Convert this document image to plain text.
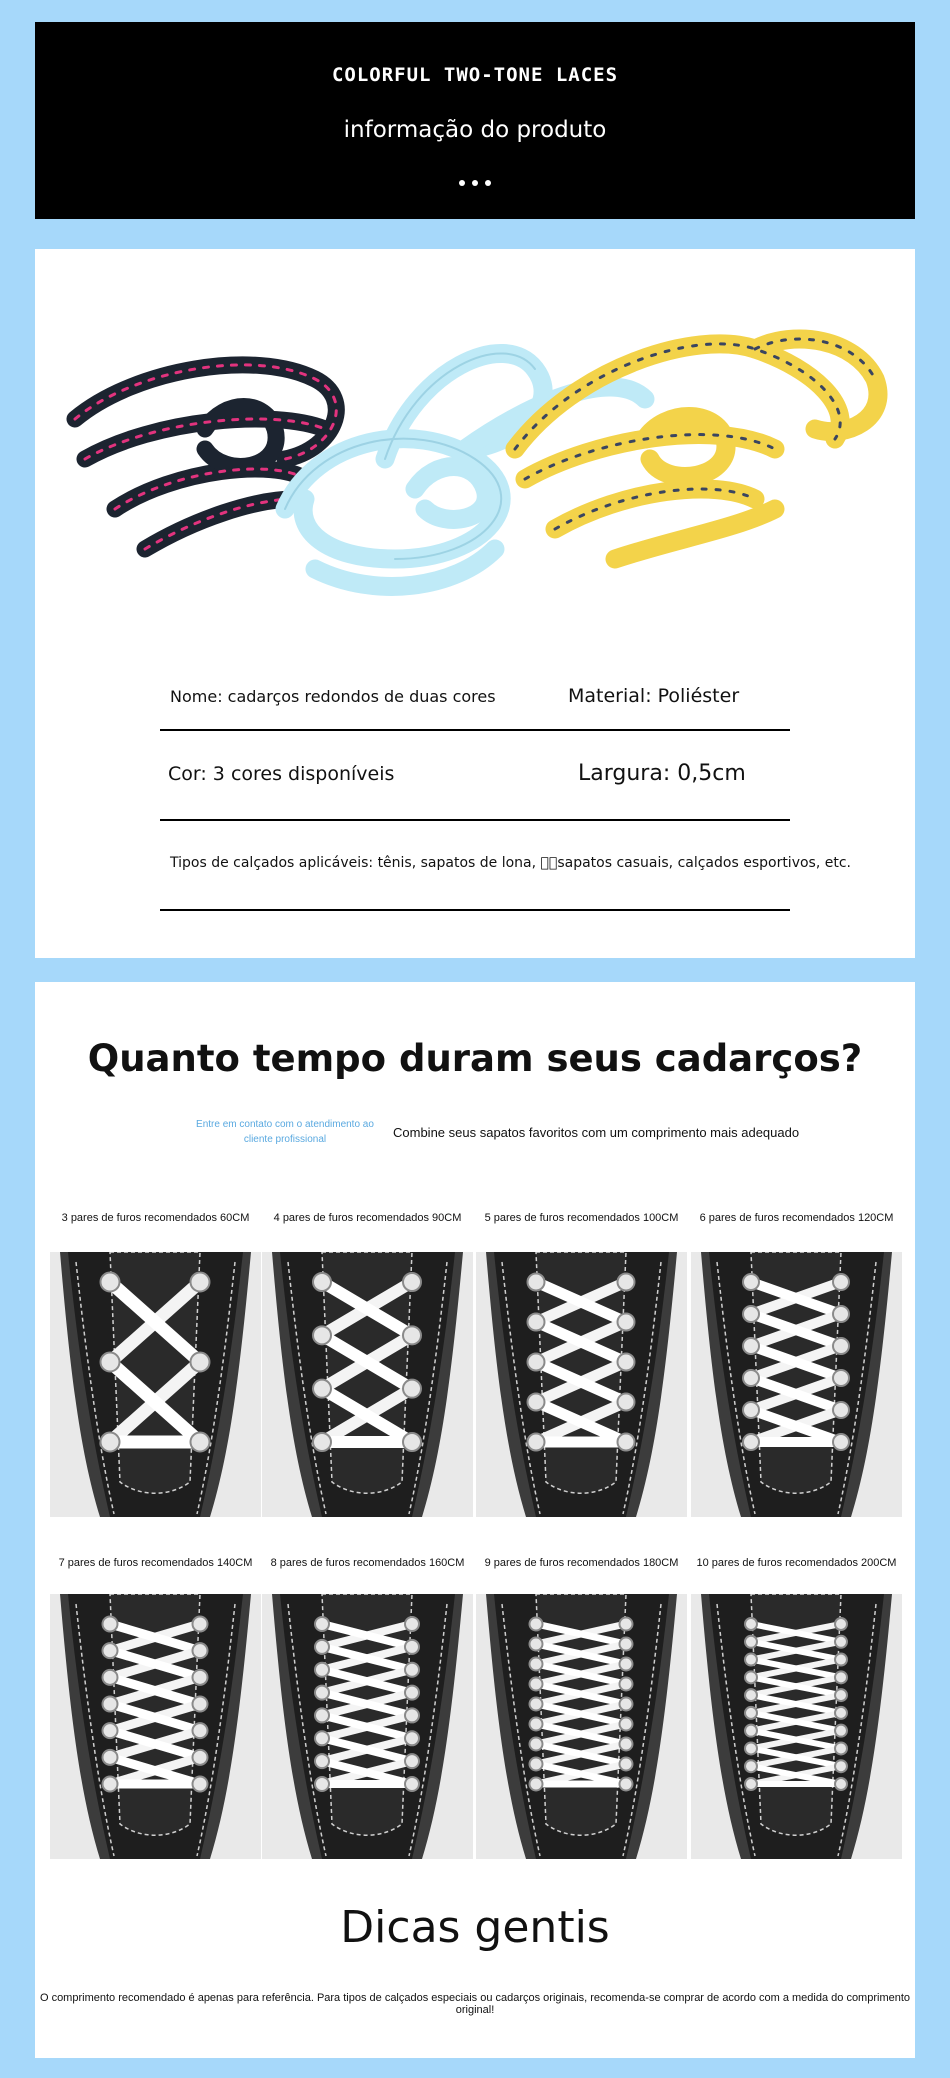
COLORFUL TWO-TONE LACES
informação do produto
Nome: cadarços redondos de duas cores	Material: Poliéster
Cor: 3 cores disponíveis	Largura: 0,5cm
Tipos de calçados aplicáveis: tênis, sapatos de lona,   sapatos casuais, calçados esportivos, etc.
Quanto tempo duram seus cadarços?
Entre em contato com o atendimento ao cliente profissional	Combine seus sapatos favoritos com um comprimento mais adequado
3 pares de furos recomendados 60CM	4 pares de furos recomendados 90CM	5 pares de furos recomendados 100CM	6 pares de furos recomendados 120CM
7 pares de furos recomendados 140CM	8 pares de furos recomendados 160CM	9 pares de furos recomendados 180CM	10 pares de furos recomendados 200CM
Dicas gentis
O comprimento recomendado é apenas para referência. Para tipos de calçados especiais ou cadarços originais, recomenda-se comprar de acordo com a medida do comprimento original!
